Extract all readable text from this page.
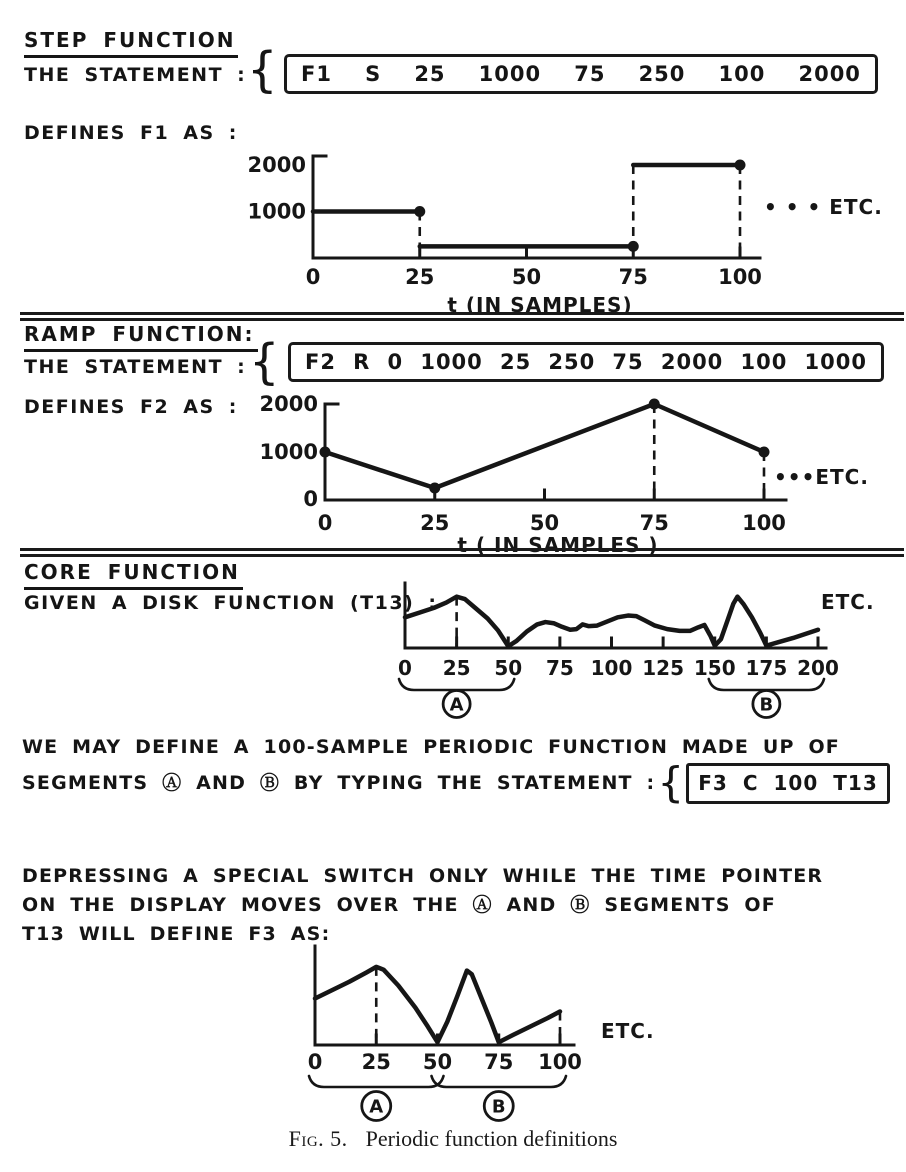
STEP FUNCTION
THE STATEMENT : { F1 S 25 1000 75 250 100 2000
DEFINES F1 AS :
0	25	50	75	100
1000
2000
• • • ETC.
t (IN SAMPLES)
RAMP FUNCTION:
THE STATEMENT : { F2 R 0 1000 25 250 75 2000 100 1000
DEFINES F2 AS :
0	25	50	75	100
0
1000
2000
•••ETC.
t ( IN SAMPLES )
CORE FUNCTION
GIVEN A DISK FUNCTION (T13) :
0 25 50 75 100 125 150 175 200
A	B
ETC.
WE MAY DEFINE A 100-SAMPLE PERIODIC FUNCTION MADE UP OF
SEGMENTS Ⓐ AND Ⓑ BY TYPING THE STATEMENT : { F3 C 100 T13
DEPRESSING A SPECIAL SWITCH ONLY WHILE THE TIME POINTER
ON THE DISPLAY MOVES OVER THE Ⓐ AND Ⓑ SEGMENTS OF
T13 WILL DEFINE F3 AS:
0 25 50 75 100
A	B
ETC.
Fig. 5. Periodic function definitions
